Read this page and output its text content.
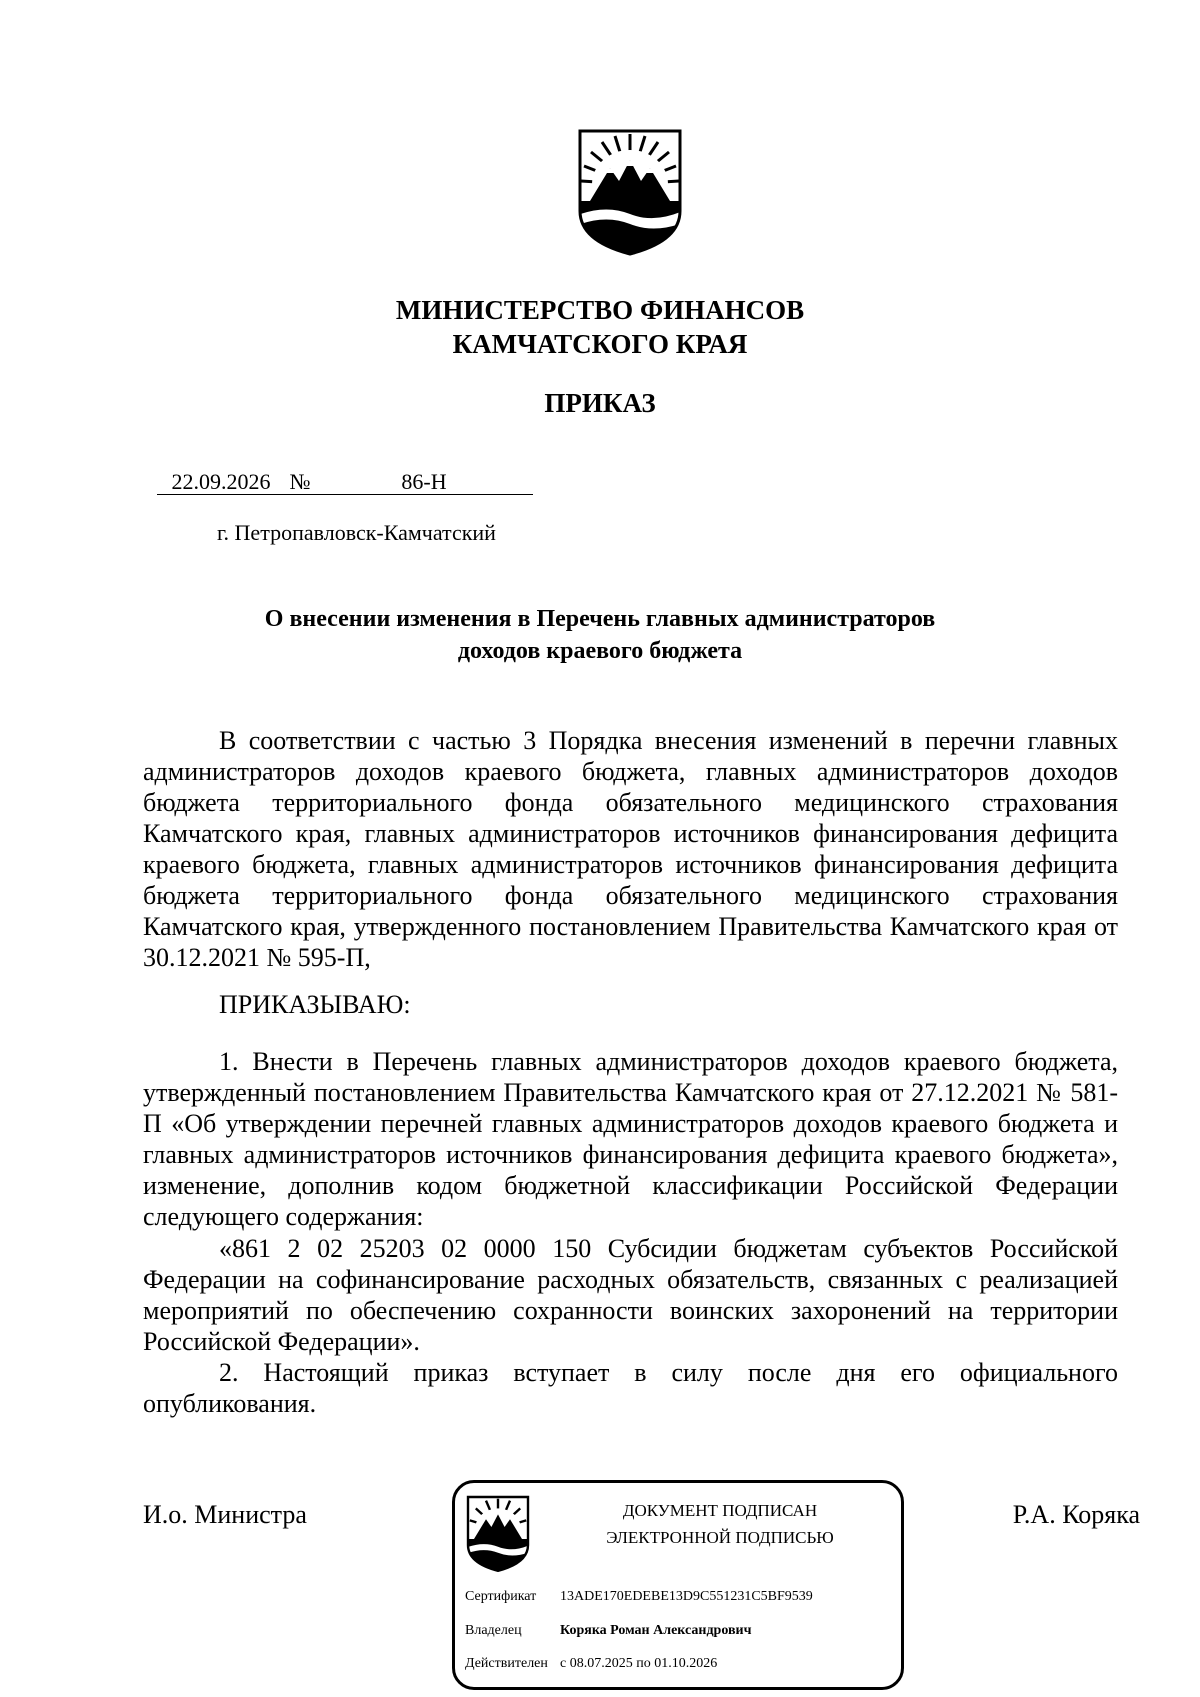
МИНИСТЕРСТВО ФИНАНСОВ
КАМЧАТСКОГО КРАЯ
ПРИКАЗ
22.09.2026 №	86-Н
г. Петропавловск-Камчатский
О внесении изменения в Перечень главных администраторов
доходов краевого бюджета

В соответствии с частью 3 Порядка внесения изменений в перечни главных администраторов доходов краевого бюджета, главных администраторов доходов бюджета территориального фонда обязательного медицинского страхования Камчатского края, главных администраторов источников финансирования дефицита краевого бюджета, главных администраторов источников финансирования дефицита бюджета территориального фонда обязательного медицинского страхования Камчатского края, утвержденного постановлением Правительства Камчатского края от 30.12.2021 № 595-П,

ПРИКАЗЫВАЮ:

1. Внести в Перечень главных администраторов доходов краевого бюджета, утвержденный постановлением Правительства Камчатского края от 27.12.2021 № 581-П «Об утверждении перечней главных администраторов доходов краевого бюджета и главных администраторов источников финансирования дефицита краевого бюджета», изменение, дополнив кодом бюджетной классификации Российской Федерации следующего содержания:

«861 2 02 25203 02 0000 150 Субсидии бюджетам субъектов Российской Федерации на софинансирование расходных обязательств, связанных с реализацией мероприятий по обеспечению сохранности воинских захоронений на территории Российской Федерации».

2. Настоящий приказ вступает в силу после дня его официального опубликования.

И.о. Министра	Р.А. Коряка
ДОКУМЕНТ ПОДПИСАН
ЭЛЕКТРОННОЙ ПОДПИСЬЮ
Сертификат 13ADE170EDEBE13D9C551231C5BF9539
Владелец	Коряка Роман Александрович
Действителен с 08.07.2025 по 01.10.2026
